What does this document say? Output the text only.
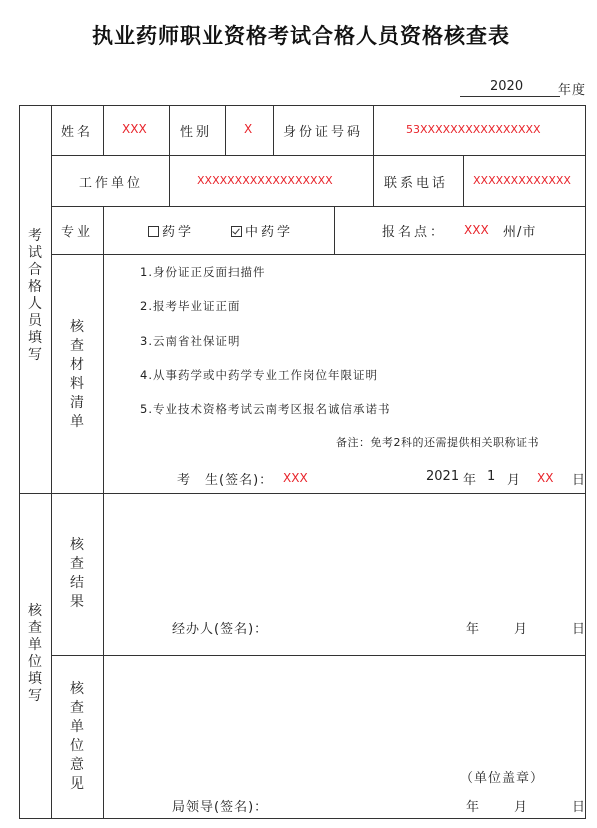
执业药师职业资格考试合格人员资格核查表
2020	年度
考试合格人员填写
核查单位填写
姓名 XXX	性别	X 身份证号码	53XXXXXXXXXXXXXXXX
工作单位	XXXXXXXXXXXXXXXXXX	联系电话 XXXXXXXXXXXXX
专业	药学	中药学	报名点： XXX 州/市
核查材料清单
1.身份证正反面扫描件
2.报考毕业证正面
3.云南省社保证明
4.从事药学或中药学专业工作岗位年限证明
5.专业技术资格考试云南考区报名诚信承诺书
备注：免考2科的还需提供相关职称证书
考　生(签名)： XXX	2021 年 1 月 XX 日
核查结果
经办人(签名)：	年	月	日
核查单位意见	（单位盖章）
局领导(签名)：	年	月	日
